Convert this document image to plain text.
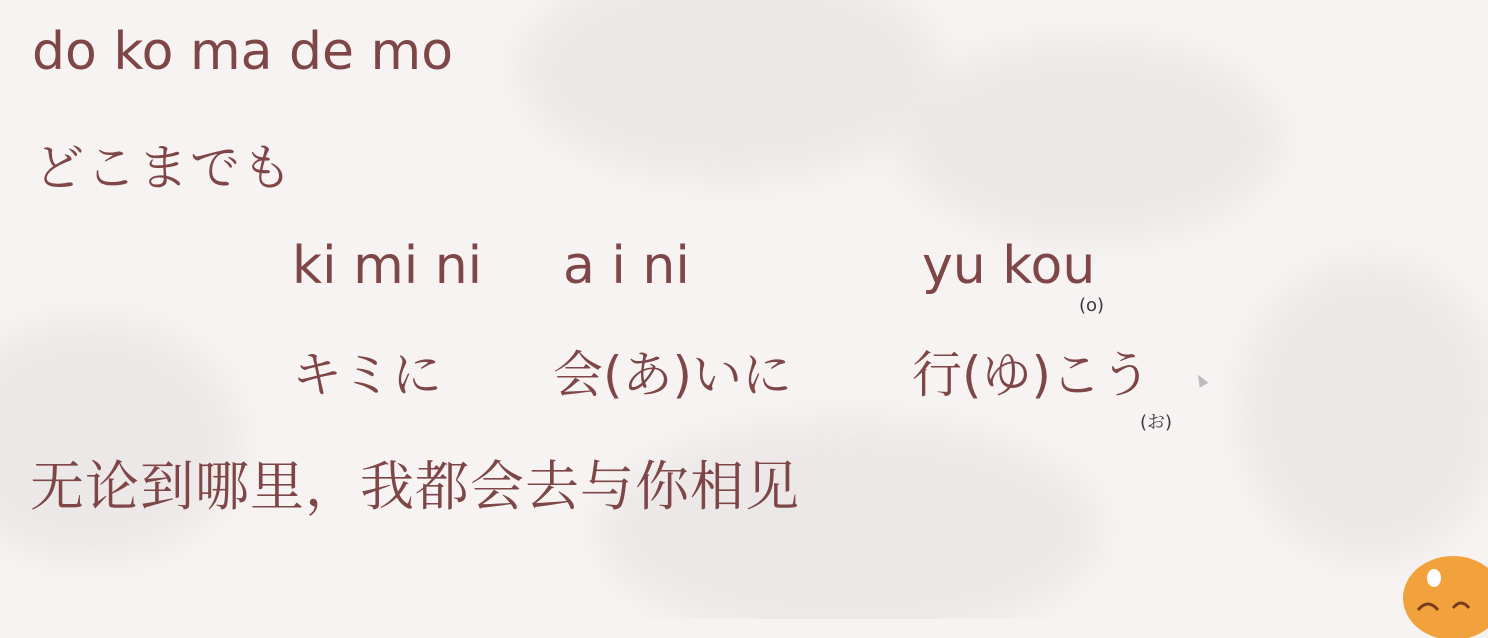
do ko ma de mo
どこまでも
ki mi ni a i ni	yu kou
(o)
キミに 会(あ)いに 行(ゆ)こう
(お)
无论到哪里，我都会去与你相见
